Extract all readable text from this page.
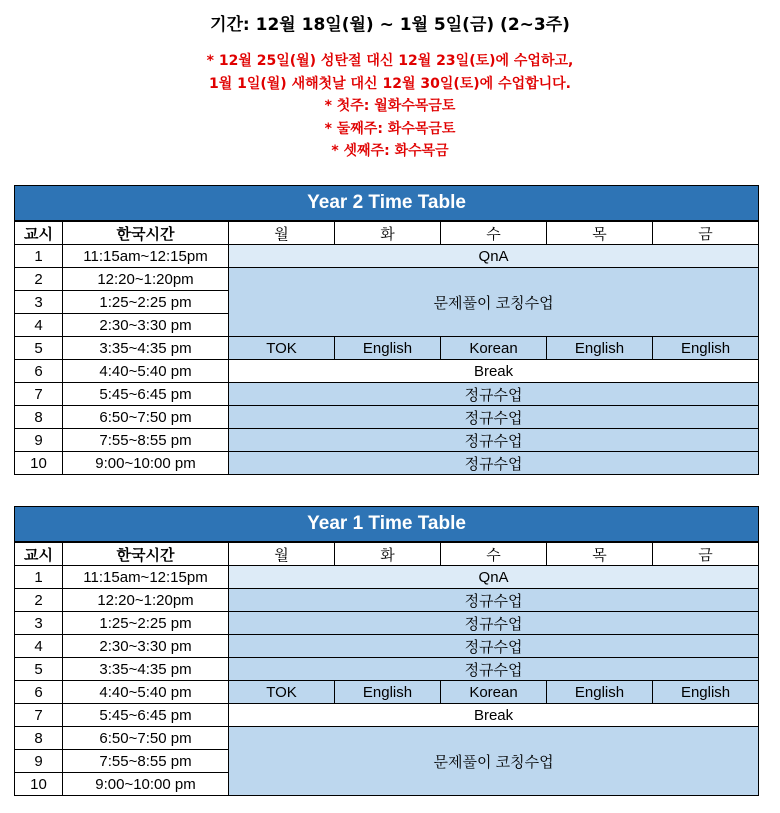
기간: 12월 18일(월) ~ 1월 5일(금) (2~3주)
* 12월 25일(월) 성탄절 대신 12월 23일(토)에 수업하고,
1월 1일(월) 새해첫날 대신 12월 30일(토)에 수업합니다.
* 첫주: 월화수목금토
* 둘째주: 화수목금토
* 셋째주: 화수목금
Year 2 Time Table						
교시	한국시간	월	화	수	목	금
1	11:15am~12:15pm	QnA				
2	12:20~1:20pm	문제풀이 코칭수업				
3	1:25~2:25 pm					
4	2:30~3:30 pm					
5	3:35~4:35 pm	TOK	English	Korean	English	English
6	4:40~5:40 pm	Break				
7	5:45~6:45 pm	정규수업				
8	6:50~7:50 pm	정규수업				
9	7:55~8:55 pm	정규수업				
10	9:00~10:00 pm	정규수업				
Year 1 Time Table						
교시	한국시간	월	화	수	목	금
1	11:15am~12:15pm	QnA				
2	12:20~1:20pm	정규수업				
3	1:25~2:25 pm	정규수업				
4	2:30~3:30 pm	정규수업				
5	3:35~4:35 pm	정규수업				
6	4:40~5:40 pm	TOK	English	Korean	English	English
7	5:45~6:45 pm	Break				
8	6:50~7:50 pm	문제풀이 코칭수업				
9	7:55~8:55 pm					
10	9:00~10:00 pm					
